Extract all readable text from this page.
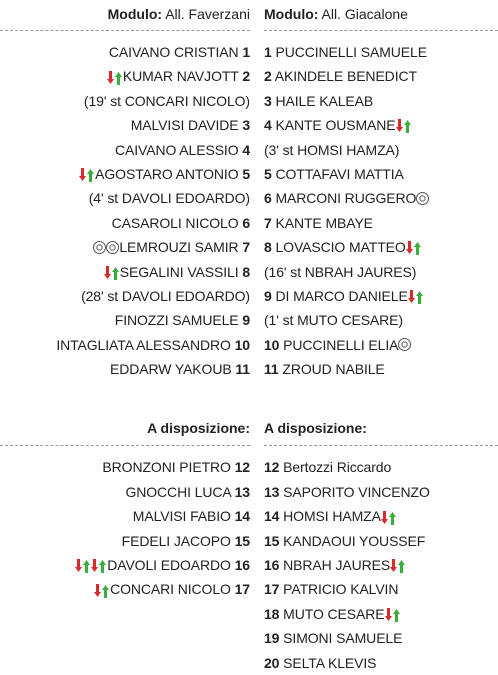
Modulo: All. Faverzani
CAIVANO CRISTIAN 1
KUMAR NAVJOTT 2
(19' st CONCARI NICOLO)
MALVISI DAVIDE 3
CAIVANO ALESSIO 4
AGOSTARO ANTONIO 5
(4' st DAVOLI EDOARDO)
CASAROLI NICOLO 6
LEMROUZI SAMIR 7
SEGALINI VASSILI 8
(28' st DAVOLI EDOARDO)
FINOZZI SAMUELE 9
INTAGLIATA ALESSANDRO 10
EDDARW YAKOUB 11
A disposizione:
BRONZONI PIETRO 12
GNOCCHI LUCA 13
MALVISI FABIO 14
FEDELI JACOPO 15
DAVOLI EDOARDO 16
CONCARI NICOLO 17
Modulo: All. Giacalone
1 PUCCINELLI SAMUELE
2 AKINDELE BENEDICT
3 HAILE KALEAB
4 KANTE OUSMANE
(3' st HOMSI HAMZA)
5 COTTAFAVI MATTIA
6 MARCONI RUGGERO
7 KANTE MBAYE
8 LOVASCIO MATTEO
(16' st NBRAH JAURES)
9 DI MARCO DANIELE
(1' st MUTO CESARE)
10 PUCCINELLI ELIA
11 ZROUD NABILE
A disposizione:
12 Bertozzi Riccardo
13 SAPORITO VINCENZO
14 HOMSI HAMZA
15 KANDAOUI YOUSSEF
16 NBRAH JAURES
17 PATRICIO KALVIN
18 MUTO CESARE
19 SIMONI SAMUELE
20 SELTA KLEVIS
